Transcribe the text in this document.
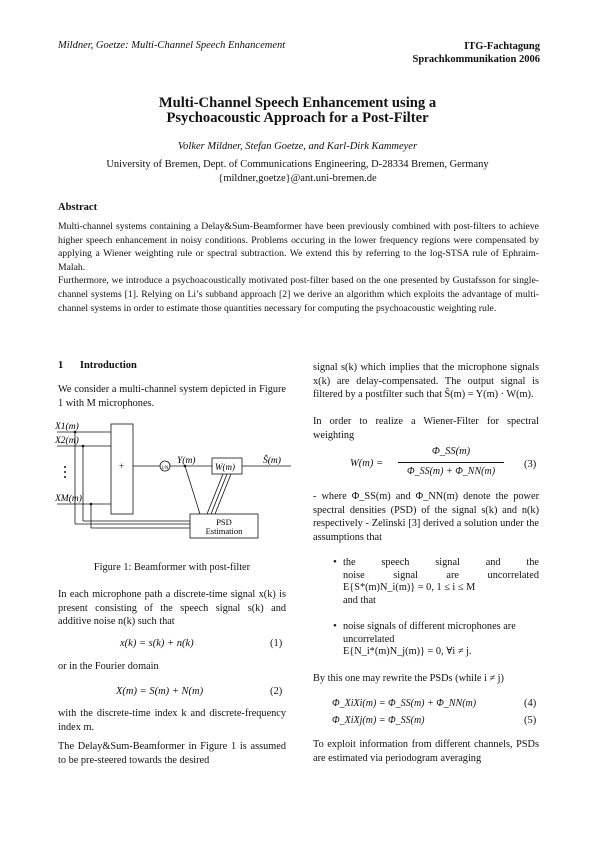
Mildner, Goetze: Multi-Channel Speech Enhancement	ITG-Fachtagung
Sprachkommunikation 2006
Multi-Channel Speech Enhancement using a
Psychoacoustic Approach for a Post-Filter
Volker Mildner, Stefan Goetze, and Karl-Dirk Kammeyer
University of Bremen, Dept. of Communications Engineering, D-28334 Bremen, Germany
{mildner,goetze}@ant.uni-bremen.de
Abstract

Multi-channel systems containing a Delay&Sum-Beamformer have been previously combined with post-filters to achieve higher speech enhancement in noisy conditions. Problems occuring in the lower frequency regions were compensated by applying a Wiener weighting rule or spectral subtraction. We extend this by referring to the log-STSA rule of Ephraim-Malah.

Furthermore, we introduce a psychoacoustically motivated post-filter based on the one presented by Gustafsson for single-channel systems [1]. Relying on Li’s subband approach [2] we derive an algorithm which exploits the advantage of multi-channel systems in order to estimate those quantities necessary for computing the psychoacoustic weighting rule.

1 Introduction
We consider a multi-channel system depicted in Figure 1 with M microphones.
X1(m)
X2(m)
XM(m)
+	1/N
Y(m)
W(m)
Ŝ(m)
PSD
Estimation
Figure 1: Beamformer with post-filter
In each microphone path a discrete-time signal x(k) is present consisting of the speech signal s(k) and additive noise n(k) such that
x(k) = s(k) + n(k)	(1)
or in the Fourier domain
X(m) = S(m) + N(m)	(2)
with the discrete-time index k and discrete-frequency index m.
The Delay&Sum-Beamformer in Figure 1 is assumed to be pre-steered towards the desired
signal s(k) which implies that the microphone signals x(k) are delay-compensated. The output signal is filtered by a postfilter such that Ŝ(m) = Y(m) · W(m).
In order to realize a Wiener-Filter for spectral weighting
W(m) =
Φ_SS(m)
Φ_SS(m) + Φ_NN(m)
(3)
- where Φ_SS(m) and Φ_NN(m) denote the power spectral densities (PSD) of the signal s(k) and n(k) respectively - Zelinski [3] derived a solution under the assumptions that
• the speech signal and the
noise signal are uncorrelated
E{S*(m)N_i(m)} = 0, 1 ≤ i ≤ M
and that
• noise signals of different microphones are
uncorrelated
E{N_i*(m)N_j(m)} = 0, ∀i ≠ j.
By this one may rewrite the PSDs (while i ≠ j)
Φ_XiXi(m) = Φ_SS(m) + Φ_NN(m)	(4)
Φ_XiXj(m) = Φ_SS(m)	(5)
To exploit information from different channels, PSDs are estimated via periodogram averaging
